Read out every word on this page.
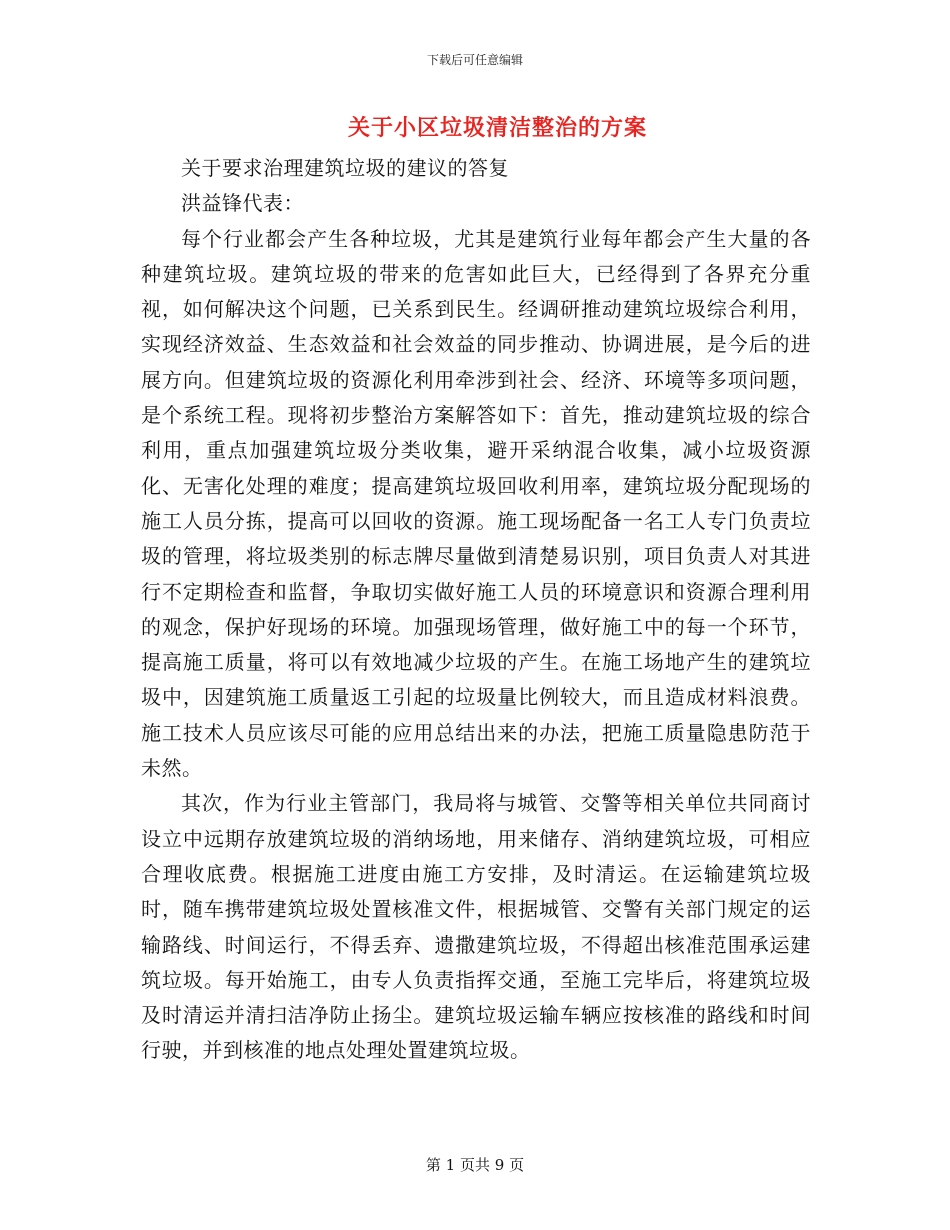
下载后可任意编辑
关于小区垃圾清洁整治的方案

关于要求治理建筑垃圾的建议的答复

洪益锋代表：

每个行业都会产生各种垃圾，尤其是建筑行业每年都会产生大量的各种建筑垃圾。建筑垃圾的带来的危害如此巨大，已经得到了各界充分重视，如何解决这个问题，已关系到民生。经调研推动建筑垃圾综合利用，实现经济效益、生态效益和社会效益的同步推动、协调进展，是今后的进展方向。但建筑垃圾的资源化利用牵涉到社会、经济、环境等多项问题，是个系统工程。现将初步整治方案解答如下：首先，推动建筑垃圾的综合利用，重点加强建筑垃圾分类收集，避开采纳混合收集，减小垃圾资源化、无害化处理的难度；提高建筑垃圾回收利用率，建筑垃圾分配现场的施工人员分拣，提高可以回收的资源。施工现场配备一名工人专门负责垃圾的管理，将垃圾类别的标志牌尽量做到清楚易识别，项目负责人对其进行不定期检查和监督，争取切实做好施工人员的环境意识和资源合理利用的观念，保护好现场的环境。加强现场管理，做好施工中的每一个环节，提高施工质量，将可以有效地减少垃圾的产生。在施工场地产生的建筑垃圾中，因建筑施工质量返工引起的垃圾量比例较大，而且造成材料浪费。施工技术人员应该尽可能的应用总结出来的办法，把施工质量隐患防范于未然。

其次，作为行业主管部门，我局将与城管、交警等相关单位共同商讨设立中远期存放建筑垃圾的消纳场地，用来储存、消纳建筑垃圾，可相应合理收底费。根据施工进度由施工方安排，及时清运。在运输建筑垃圾时，随车携带建筑垃圾处置核准文件，根据城管、交警有关部门规定的运输路线、时间运行，不得丢弃、遗撒建筑垃圾，不得超出核准范围承运建筑垃圾。每开始施工，由专人负责指挥交通，至施工完毕后，将建筑垃圾及时清运并清扫洁净防止扬尘。建筑垃圾运输车辆应按核准的路线和时间行驶，并到核准的地点处理处置建筑垃圾。

第 1 页共 9 页
